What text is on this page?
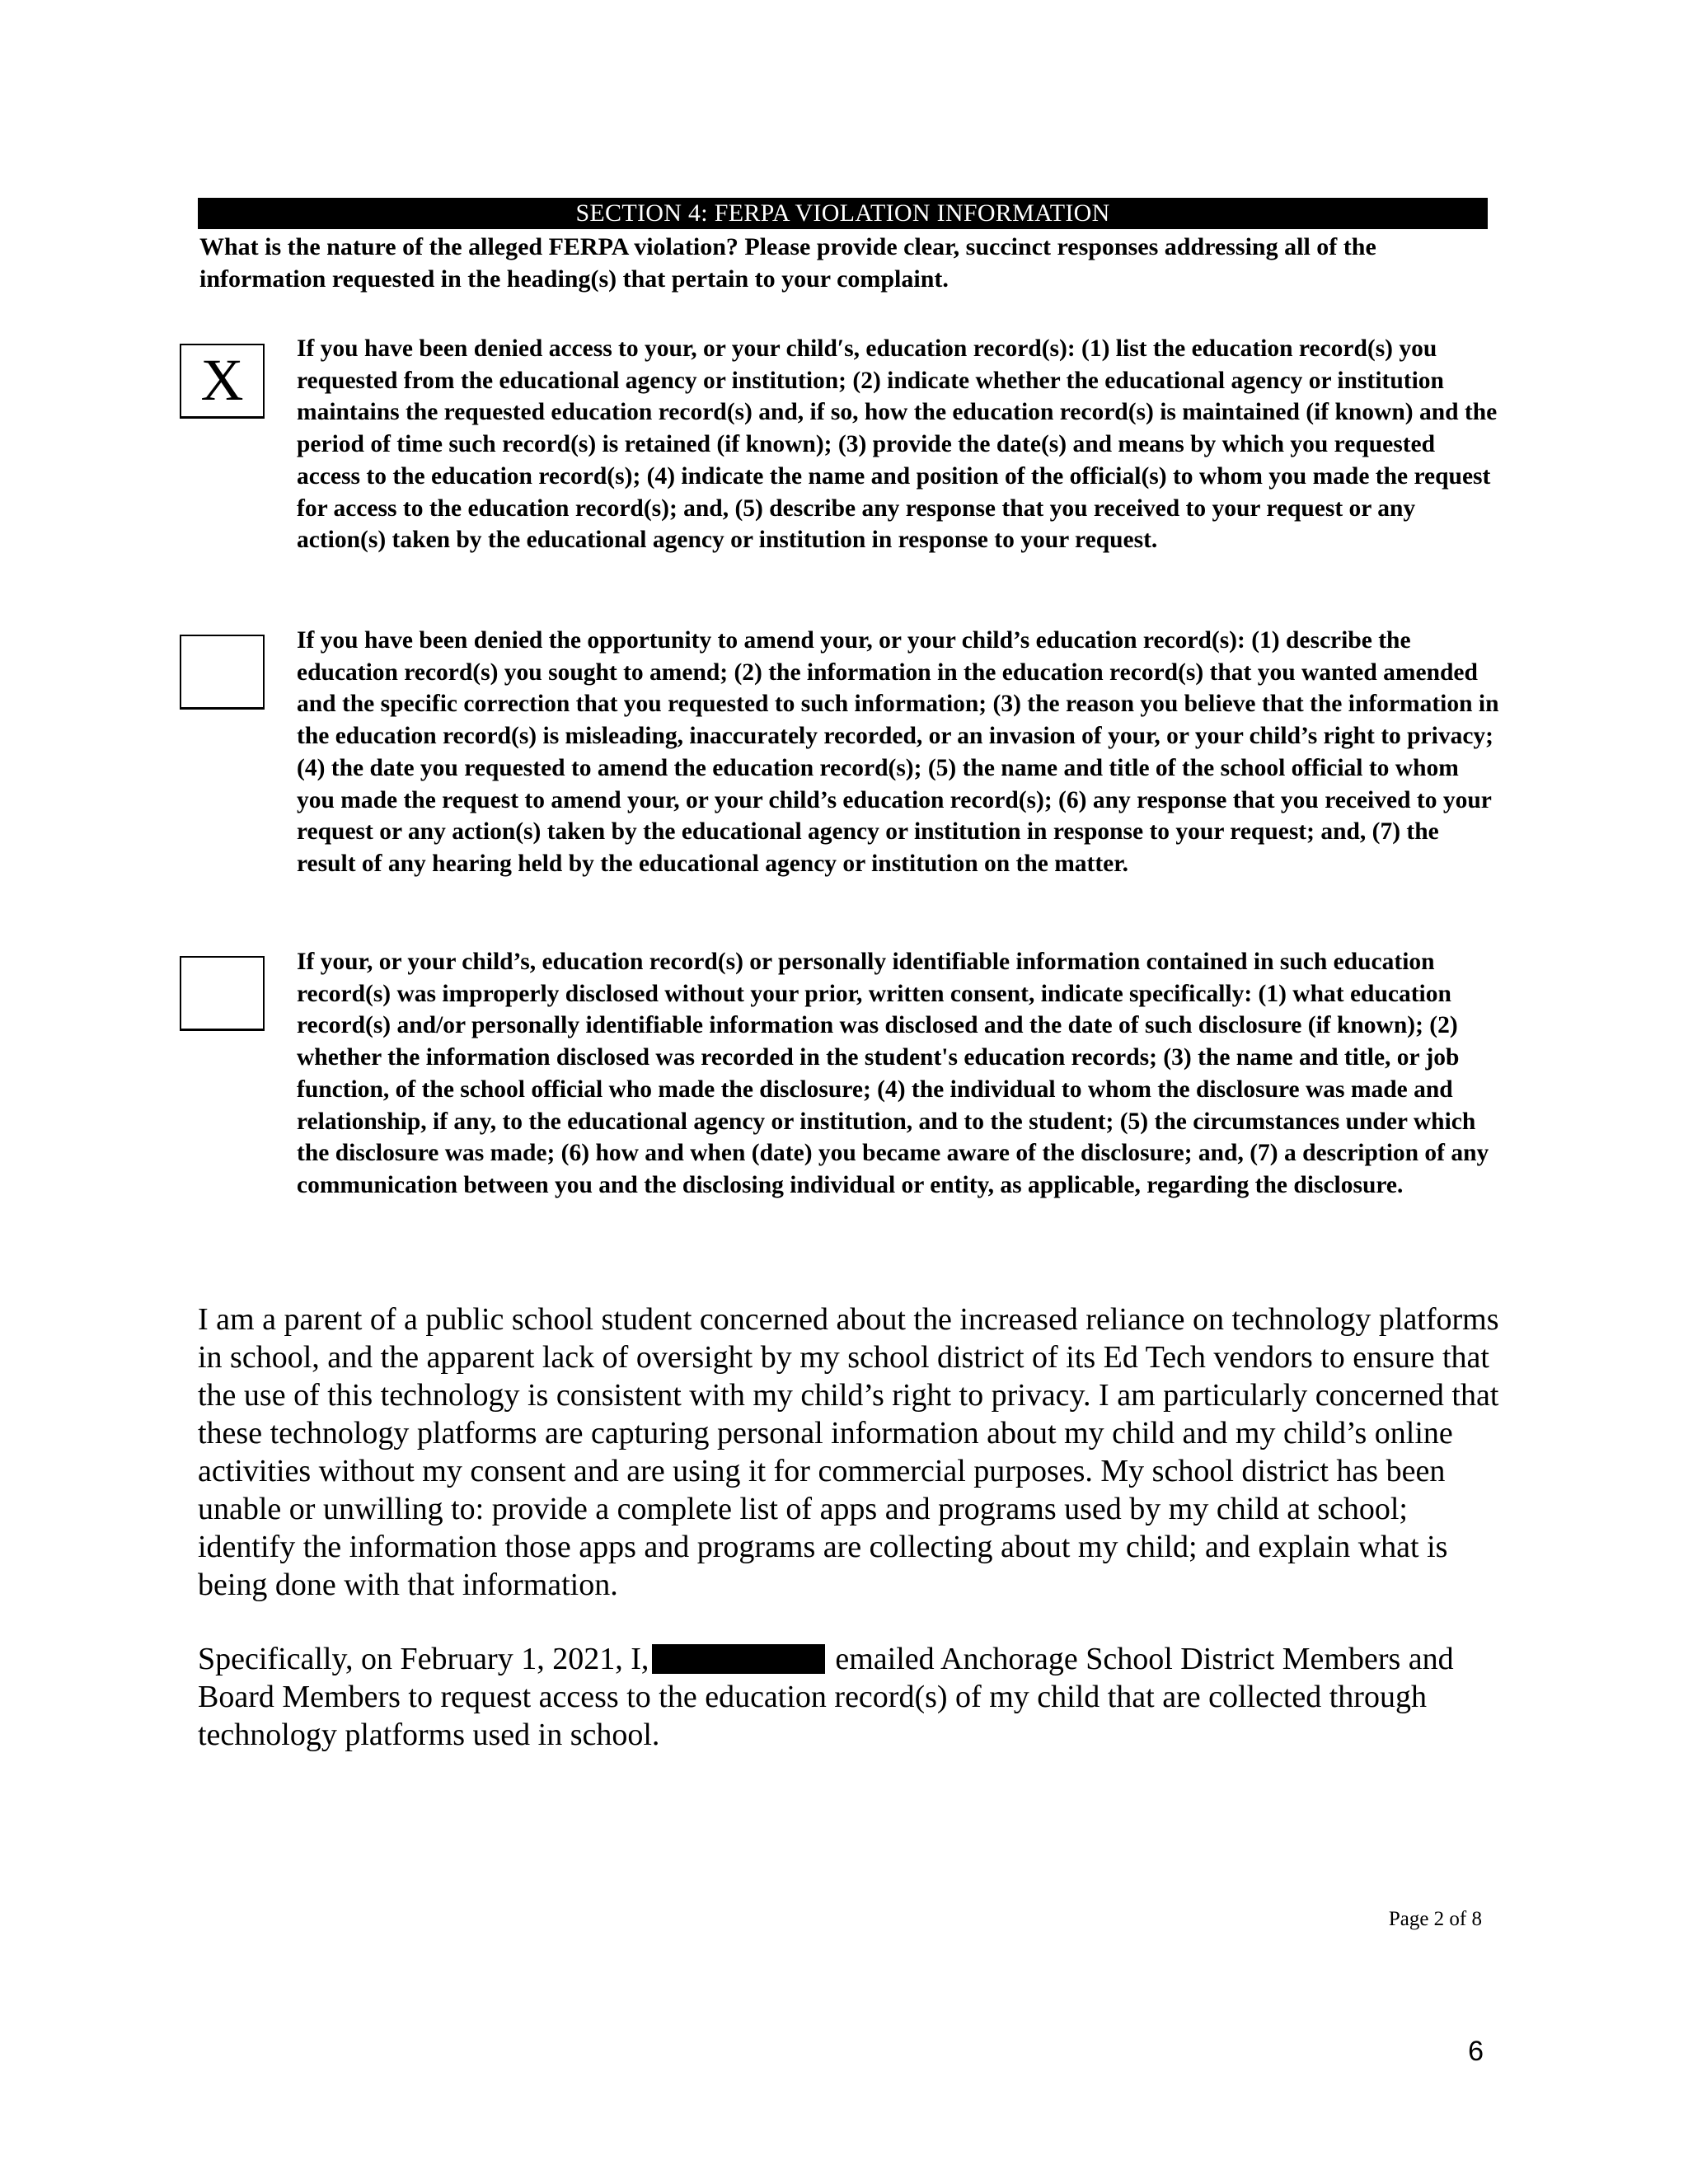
SECTION 4: FERPA VIOLATION INFORMATION
What is the nature of the alleged FERPA violation? Please provide clear, succinct responses addressing all of the information requested in the heading(s) that pertain to your complaint.
X	If you have been denied access to your, or your child′s, education record(s): (1) list the education record(s) you requested from the educational agency or institution; (2) indicate whether the educational agency or institution maintains the requested education record(s) and, if so, how the education record(s) is maintained (if known) and the period of time such record(s) is retained (if known); (3) provide the date(s) and means by which you requested access to the education record(s); (4) indicate the name and position of the official(s) to whom you made the request for access to the education record(s); and, (5) describe any response that you received to your request or any action(s) taken by the educational agency or institution in response to your request.
If you have been denied the opportunity to amend your, or your child’s education record(s): (1) describe the education record(s) you sought to amend; (2) the information in the education record(s) that you wanted amended and the specific correction that you requested to such information; (3) the reason you believe that the information in the education record(s) is misleading, inaccurately recorded, or an invasion of your, or your child’s right to privacy; (4) the date you requested to amend the education record(s); (5) the name and title of the school official to whom you made the request to amend your, or your child’s education record(s); (6) any response that you received to your request or any action(s) taken by the educational agency or institution in response to your request; and, (7) the result of any hearing held by the educational agency or institution on the matter.
If your, or your child’s, education record(s) or personally identifiable information contained in such education record(s) was improperly disclosed without your prior, written consent, indicate specifically: (1) what education record(s) and/or personally identifiable information was disclosed and the date of such disclosure (if known); (2) whether the information disclosed was recorded in the student's education records; (3) the name and title, or job function, of the school official who made the disclosure; (4) the individual to whom the disclosure was made and relationship, if any, to the educational agency or institution, and to the student; (5) the circumstances under which the disclosure was made; (6) how and when (date) you became aware of the disclosure; and, (7) a description of any communication between you and the disclosing individual or entity, as applicable, regarding the disclosure.
I am a parent of a public school student concerned about the increased reliance on technology platforms in school, and the apparent lack of oversight by my school district of its Ed Tech vendors to ensure that the use of this technology is consistent with my child’s right to privacy. I am particularly concerned that these technology platforms are capturing personal information about my child and my child’s online activities without my consent and are using it for commercial purposes. My school district has been unable or unwilling to: provide a complete list of apps and programs used by my child at school; identify the information those apps and programs are collecting about my child; and explain what is being done with that information.
Specifically, on February 1, 2021, I,	emailed Anchorage School District Members and Board Members to request access to the education record(s) of my child that are collected through technology platforms used in school.
Page 2 of 8
6
